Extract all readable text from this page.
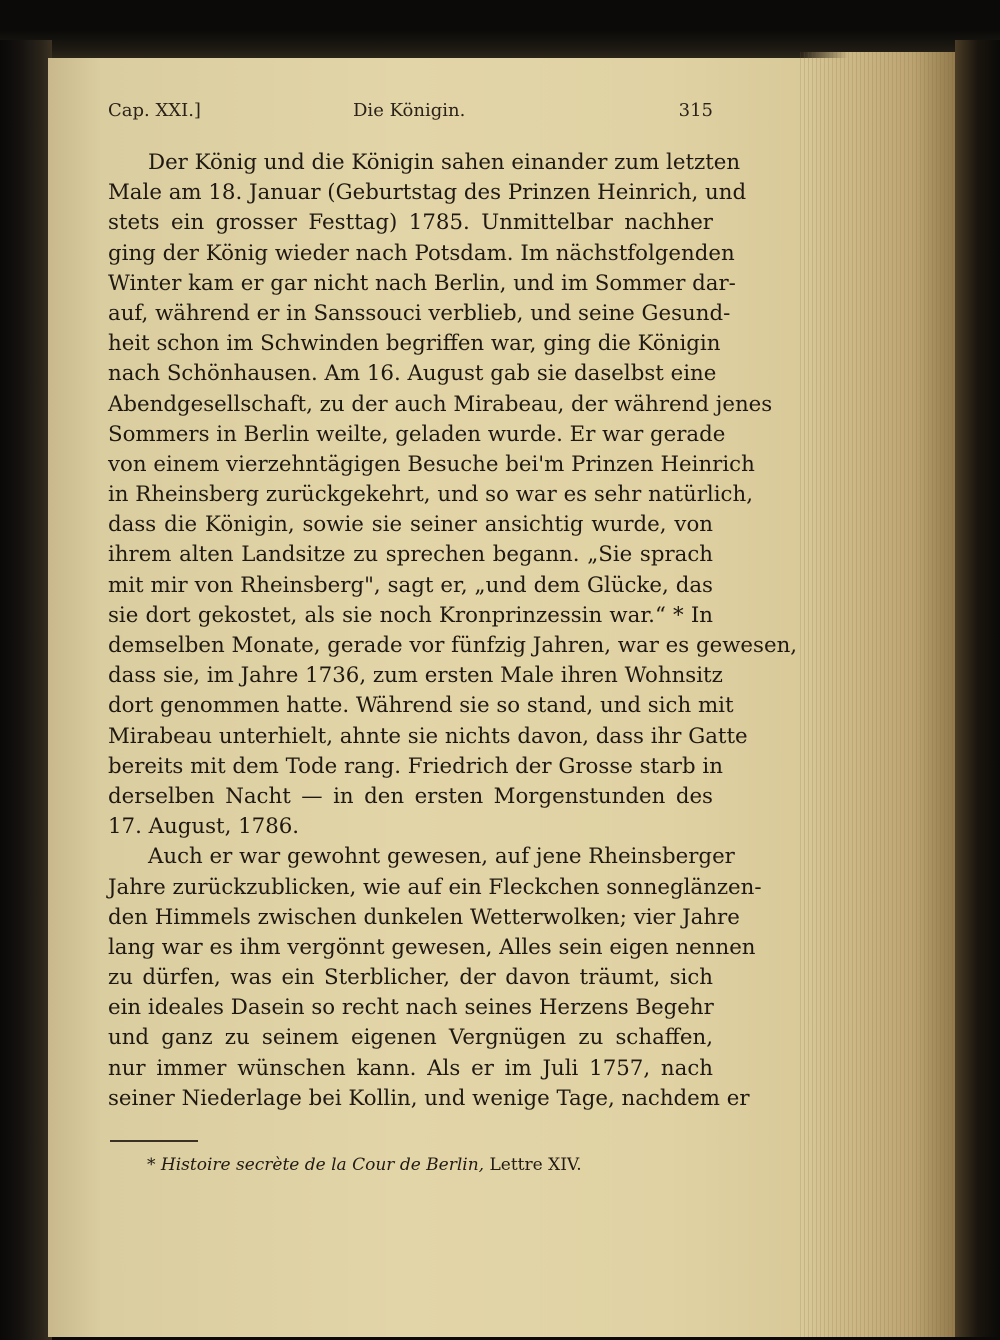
Cap. XXI.]	Die Königin.	315
Der König und die Königin sahen einander zum letzten
Male am 18. Januar (Geburtstag des Prinzen Heinrich, und
stets ein grosser Festtag) 1785. Unmittelbar nachher
ging der König wieder nach Potsdam. Im nächstfolgenden
Winter kam er gar nicht nach Berlin, und im Sommer dar-
auf, während er in Sanssouci verblieb, und seine Gesund-
heit schon im Schwinden begriffen war, ging die Königin
nach Schönhausen. Am 16. August gab sie daselbst eine
Abendgesellschaft, zu der auch Mirabeau, der während jenes
Sommers in Berlin weilte, geladen wurde. Er war gerade
von einem vierzehntägigen Besuche bei'm Prinzen Heinrich
in Rheinsberg zurückgekehrt, und so war es sehr natürlich,
dass die Königin, sowie sie seiner ansichtig wurde, von
ihrem alten Landsitze zu sprechen begann. „Sie sprach
mit mir von Rheinsberg", sagt er, „und dem Glücke, das
sie dort gekostet, als sie noch Kronprinzessin war.“ * In
demselben Monate, gerade vor fünfzig Jahren, war es gewesen,
dass sie, im Jahre 1736, zum ersten Male ihren Wohnsitz
dort genommen hatte. Während sie so stand, und sich mit
Mirabeau unterhielt, ahnte sie nichts davon, dass ihr Gatte
bereits mit dem Tode rang. Friedrich der Grosse starb in
derselben Nacht — in den ersten Morgenstunden des
17. August, 1786.
Auch er war gewohnt gewesen, auf jene Rheinsberger
Jahre zurückzublicken, wie auf ein Fleckchen sonneglänzen-
den Himmels zwischen dunkelen Wetterwolken; vier Jahre
lang war es ihm vergönnt gewesen, Alles sein eigen nennen
zu dürfen, was ein Sterblicher, der davon träumt, sich
ein ideales Dasein so recht nach seines Herzens Begehr
und ganz zu seinem eigenen Vergnügen zu schaffen,
nur immer wünschen kann. Als er im Juli 1757, nach
seiner Niederlage bei Kollin, und wenige Tage, nachdem er
* Histoire secrète de la Cour de Berlin, Lettre XIV.
